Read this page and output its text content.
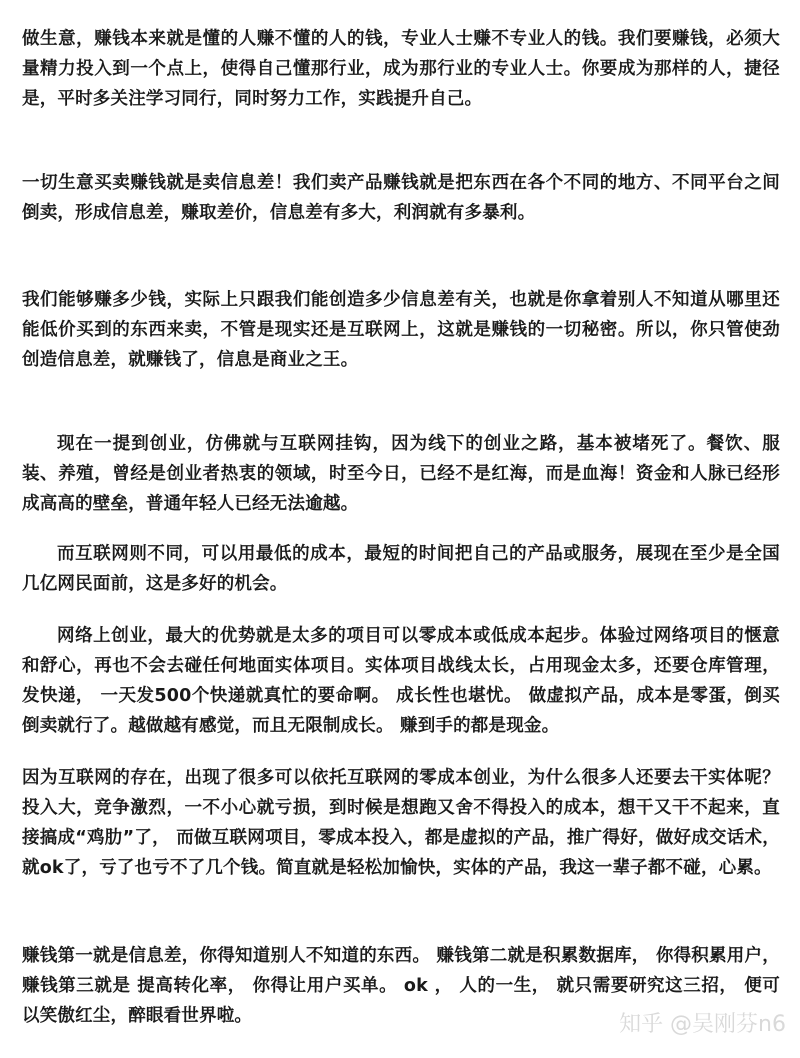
做生意，赚钱本来就是懂的人赚不懂的人的钱，专业人士赚不专业人的钱。我们要赚钱，必须大量精力投入到一个点上，使得自己懂那行业，成为那行业的专业人士。你要成为那样的人，捷径是，平时多关注学习同行，同时努力工作，实践提升自己。

一切生意买卖赚钱就是卖信息差！我们卖产品赚钱就是把东西在各个不同的地方、不同平台之间倒卖，形成信息差，赚取差价，信息差有多大，利润就有多暴利。

我们能够赚多少钱，实际上只跟我们能创造多少信息差有关，也就是你拿着别人不知道从哪里还能低价买到的东西来卖，不管是现实还是互联网上，这就是赚钱的一切秘密。所以，你只管使劲创造信息差，就赚钱了，信息是商业之王。

现在一提到创业，仿佛就与互联网挂钩，因为线下的创业之路，基本被堵死了。餐饮、服装、养殖，曾经是创业者热衷的领域，时至今日，已经不是红海，而是血海！资金和人脉已经形成高高的壁垒，普通年轻人已经无法逾越。

而互联网则不同，可以用最低的成本，最短的时间把自己的产品或服务，展现在至少是全国几亿网民面前，这是多好的机会。

网络上创业，最大的优势就是太多的项目可以零成本或低成本起步。体验过网络项目的惬意和舒心，再也不会去碰任何地面实体项目。实体项目战线太长，占用现金太多，还要仓库管理， 发快递， 一天发500个快递就真忙的要命啊。 成长性也堪忧。 做虚拟产品，成本是零蛋，倒买倒卖就行了。越做越有感觉，而且无限制成长。 赚到手的都是现金。

因为互联网的存在，出现了很多可以依托互联网的零成本创业，为什么很多人还要去干实体呢？投入大，竞争激烈，一不小心就亏损，到时候是想跑又舍不得投入的成本，想干又干不起来，直接搞成“鸡肋”了， 而做互联网项目，零成本投入，都是虚拟的产品，推广得好，做好成交话术，就ok了，亏了也亏不了几个钱。简直就是轻松加愉快，实体的产品，我这一辈子都不碰，心累。

赚钱第一就是信息差，你得知道别人不知道的东西。 赚钱第二就是积累数据库， 你得积累用户， 赚钱第三就是 提高转化率， 你得让用户买单。 ok ， 人的一生， 就只需要研究这三招， 便可以笑傲红尘，醉眼看世界啦。	知乎 @吴刚芬n6
